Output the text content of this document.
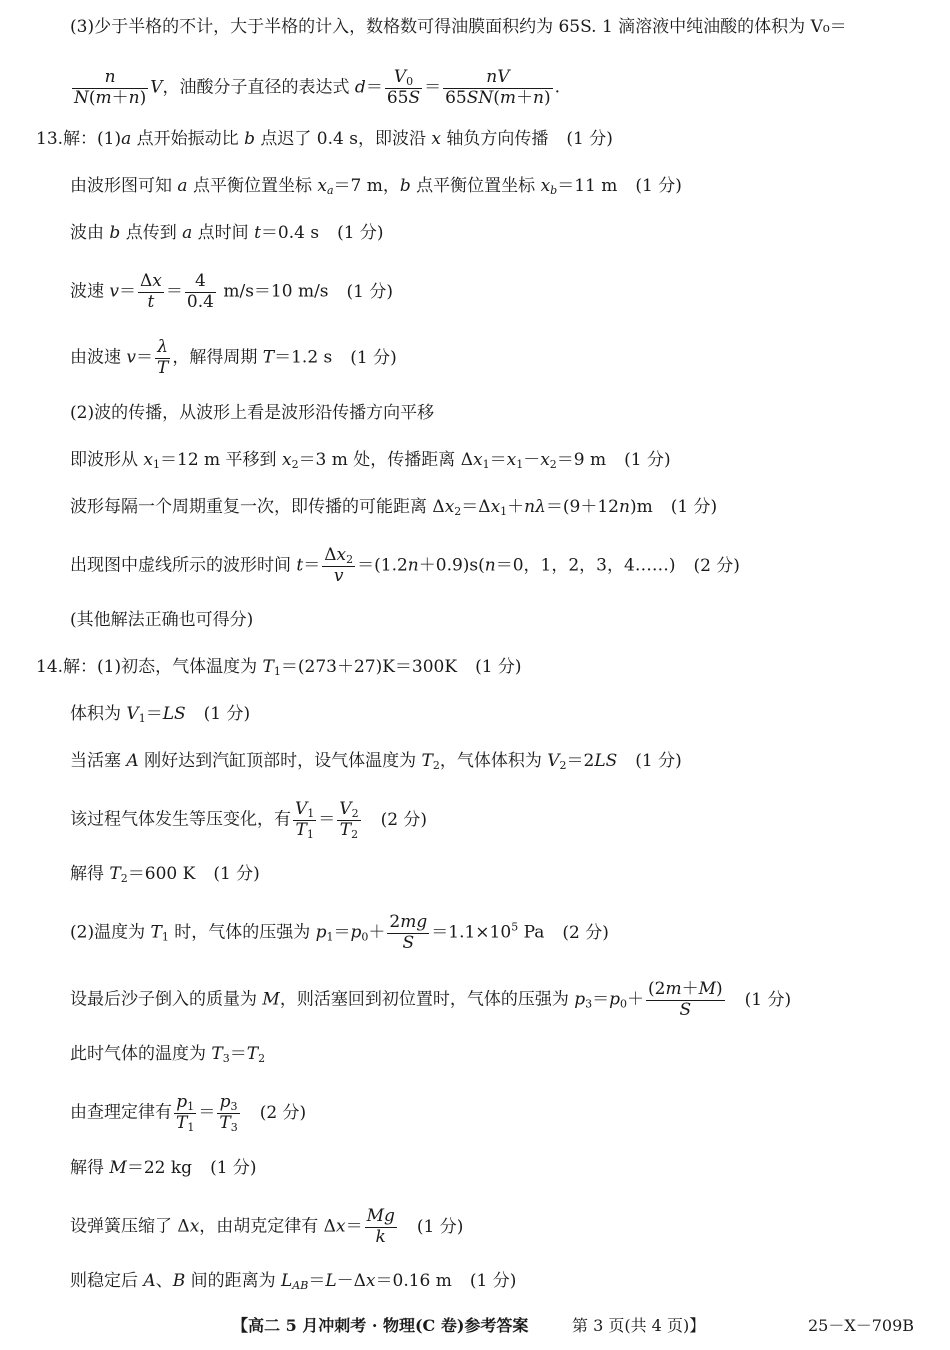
(3)少于半格的不计，大于半格的计入，数格数可得油膜面积约为 65S. 1 滴溶液中纯油酸的体积为 V₀＝
$\frac{n}{N(m+n)}$ V，油酸分子直径的表达式 $d= \frac{V_0}{65S} = \frac{nV}{65SN(m+n)}$ .
13.解：(1)a 点开始振动比 b 点迟了 0.4 s，即波沿 x 轴负方向传播 (1 分)
由波形图可知 a 点平衡位置坐标 $x_a=7$ m，b 点平衡位置坐标 $x_b=11$ m (1 分)
波由 b 点传到 a 点时间 t＝0.4 s (1 分)
波速 $v= \frac{\Delta x}{t} = \frac{4}{0.4} m/s=10$ m/s (1 分)
由波速 $v= \frac{\lambda}{T}$ ，解得周期 T＝1.2 s (1 分)
(2)波的传播，从波形上看是波形沿传播方向平移
即波形从 $x_1=12$ m 平移到 $x_2=3$ m 处，传播距离 $\Delta x_1=x_1-x_2=9$ m (1 分)
波形每隔一个周期重复一次，即传播的可能距离 $\Delta x_2=\Delta x_1+n\lambda=(9+12n)m$ (1 分)
出现图中虚线所示的波形时间 $t= \frac{\Delta x_2}{v} =(1.2n+0.9)s(n=0$，1，2，3，4……) (2 分)
(其他解法正确也可得分)
14.解：(1)初态，气体温度为 $T_1=(273+27)K=300K$ (1 分)
体积为 $V_1=LS$ (1 分)
当活塞 A 刚好达到汽缸顶部时，设气体温度为 $T_2$，气体体积为 $V_2=2LS$ (1 分)
该过程气体发生等压变化，有 $\frac{V_1}{T_1} = \frac{V_2}{T_2} (2$ 分)
解得 $T_2=600$ K (1 分)
(2)温度为 $T_1$ 时，气体的压强为 $p_1=p_0+ \frac{2mg}{S} =1.1\times 10^5$ Pa (2 分)
设最后沙子倒入的质量为 M，则活塞回到初位置时，气体的压强为 $p_3=p_0+ \frac{(2m+M)}{S} (1$ 分)
此时气体的温度为 $T_3=T_2$
由查理定律有 $\frac{p_1}{T_1} = \frac{p_3}{T_3} (2$ 分)
解得 M＝22 kg (1 分)
设弹簧压缩了 Δx，由胡克定律有 $\Delta x= \frac{Mg}{k} (1$ 分)
则稳定后 A、B 间的距离为 $L_{AB}=L-\Delta x=0.16$ m (1 分)
【高二 5 月冲刺考 · 物理(C 卷)参考答案	第 3 页(共 4 页)】	25－X－709B
